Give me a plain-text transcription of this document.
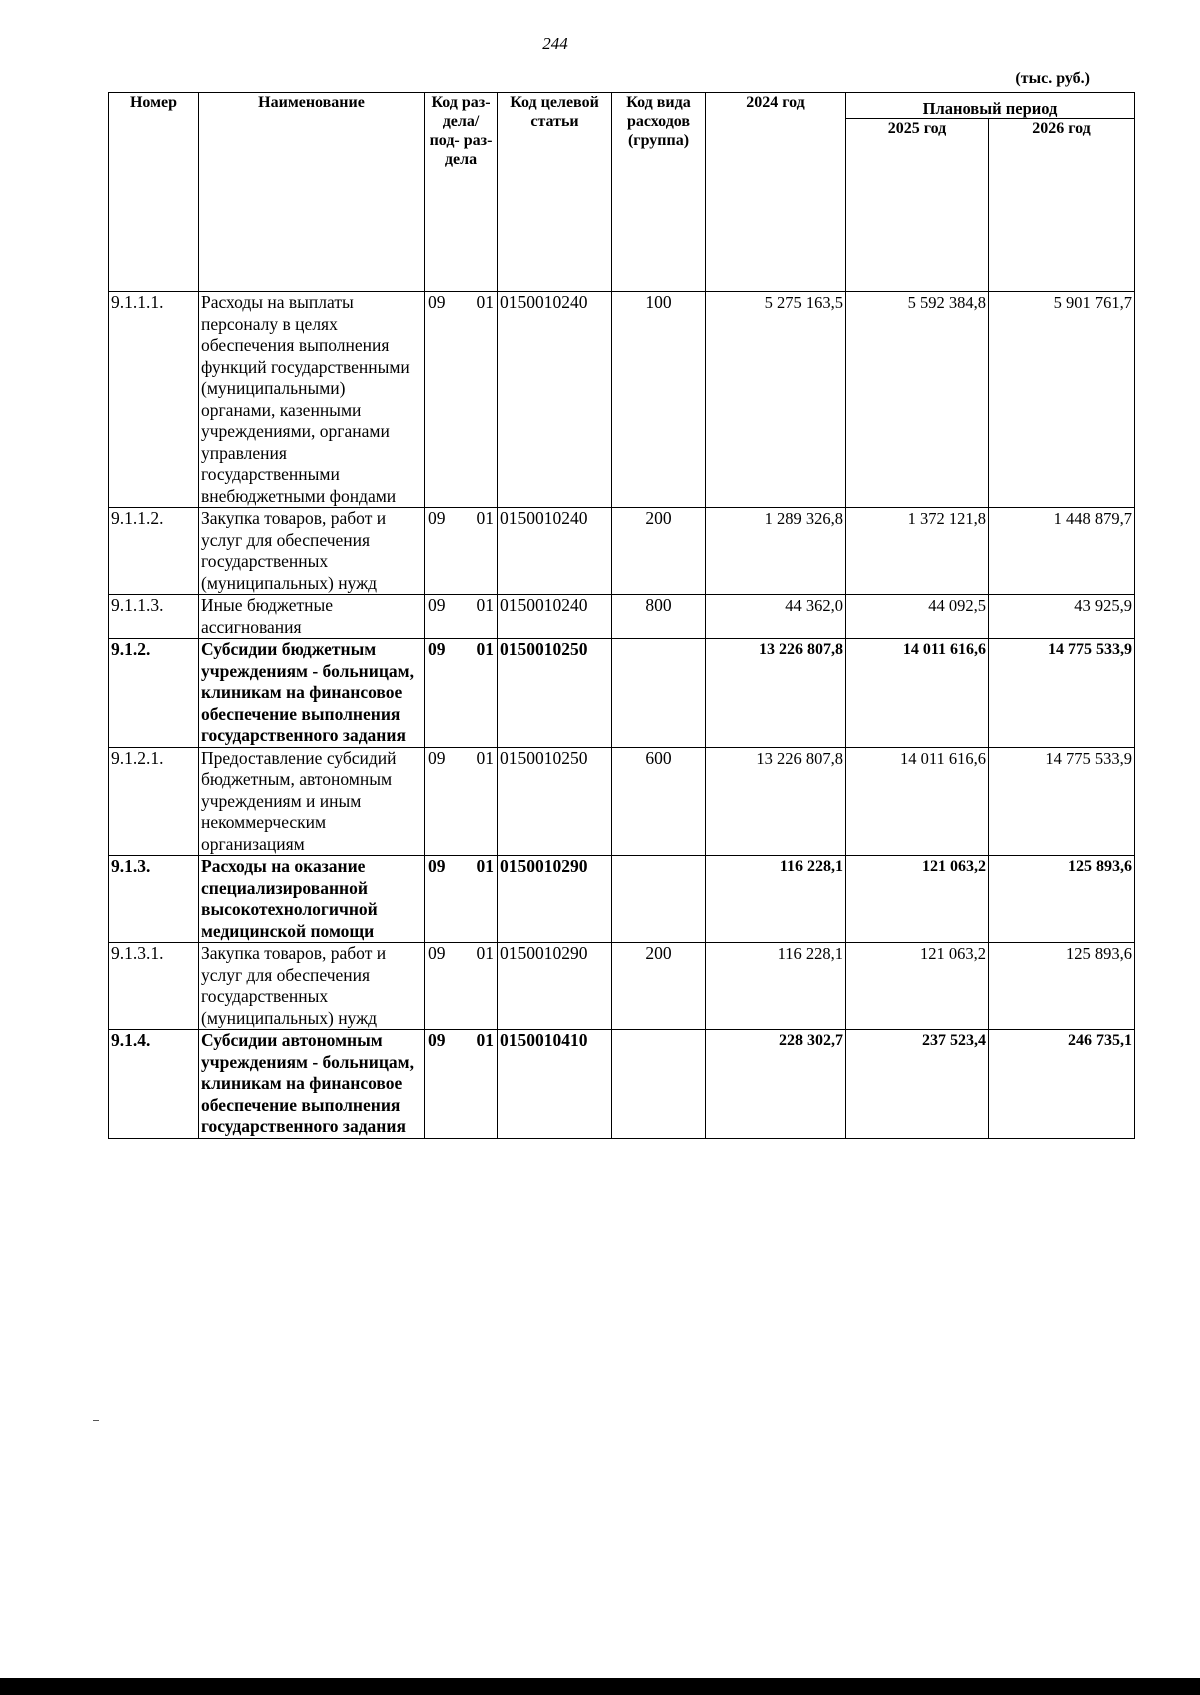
244
(тыс. руб.)
Номер	Наименование	Код раз- дела/ под- раз- дела	Код целевой статьи	Код вида расходов (группа)	2024 год	Плановый период	
						2025 год	2026 год
9.1.1.1.	Расходы на выплаты персоналу в целях обеспечения выполнения функций государственными (муниципальными) органами, казенными учреждениями, органами управления государственными внебюджетными фондами	09 01	0150010240	100	5 275 163,5	5 592 384,8	5 901 761,7
9.1.1.2.	Закупка товаров, работ и услуг для обеспечения государственных (муниципальных) нужд	09 01	0150010240	200	1 289 326,8	1 372 121,8	1 448 879,7
9.1.1.3.	Иные бюджетные ассигнования	09 01	0150010240	800	44 362,0	44 092,5	43 925,9
9.1.2.	Субсидии бюджетным учреждениям - больницам, клиникам на финансовое обеспечение выполнения государственного задания	09 01	0150010250		13 226 807,8	14 011 616,6	14 775 533,9
9.1.2.1.	Предоставление субсидий бюджетным, автономным учреждениям и иным некоммерческим организациям	09 01	0150010250	600	13 226 807,8	14 011 616,6	14 775 533,9
9.1.3.	Расходы на оказание специализированной высокотехнологичной медицинской помощи	09 01	0150010290		116 228,1	121 063,2	125 893,6
9.1.3.1.	Закупка товаров, работ и услуг для обеспечения государственных (муниципальных) нужд	09 01	0150010290	200	116 228,1	121 063,2	125 893,6
9.1.4.	Субсидии автономным учреждениям - больницам, клиникам на финансовое обеспечение выполнения государственного задания	09 01	0150010410		228 302,7	237 523,4	246 735,1
